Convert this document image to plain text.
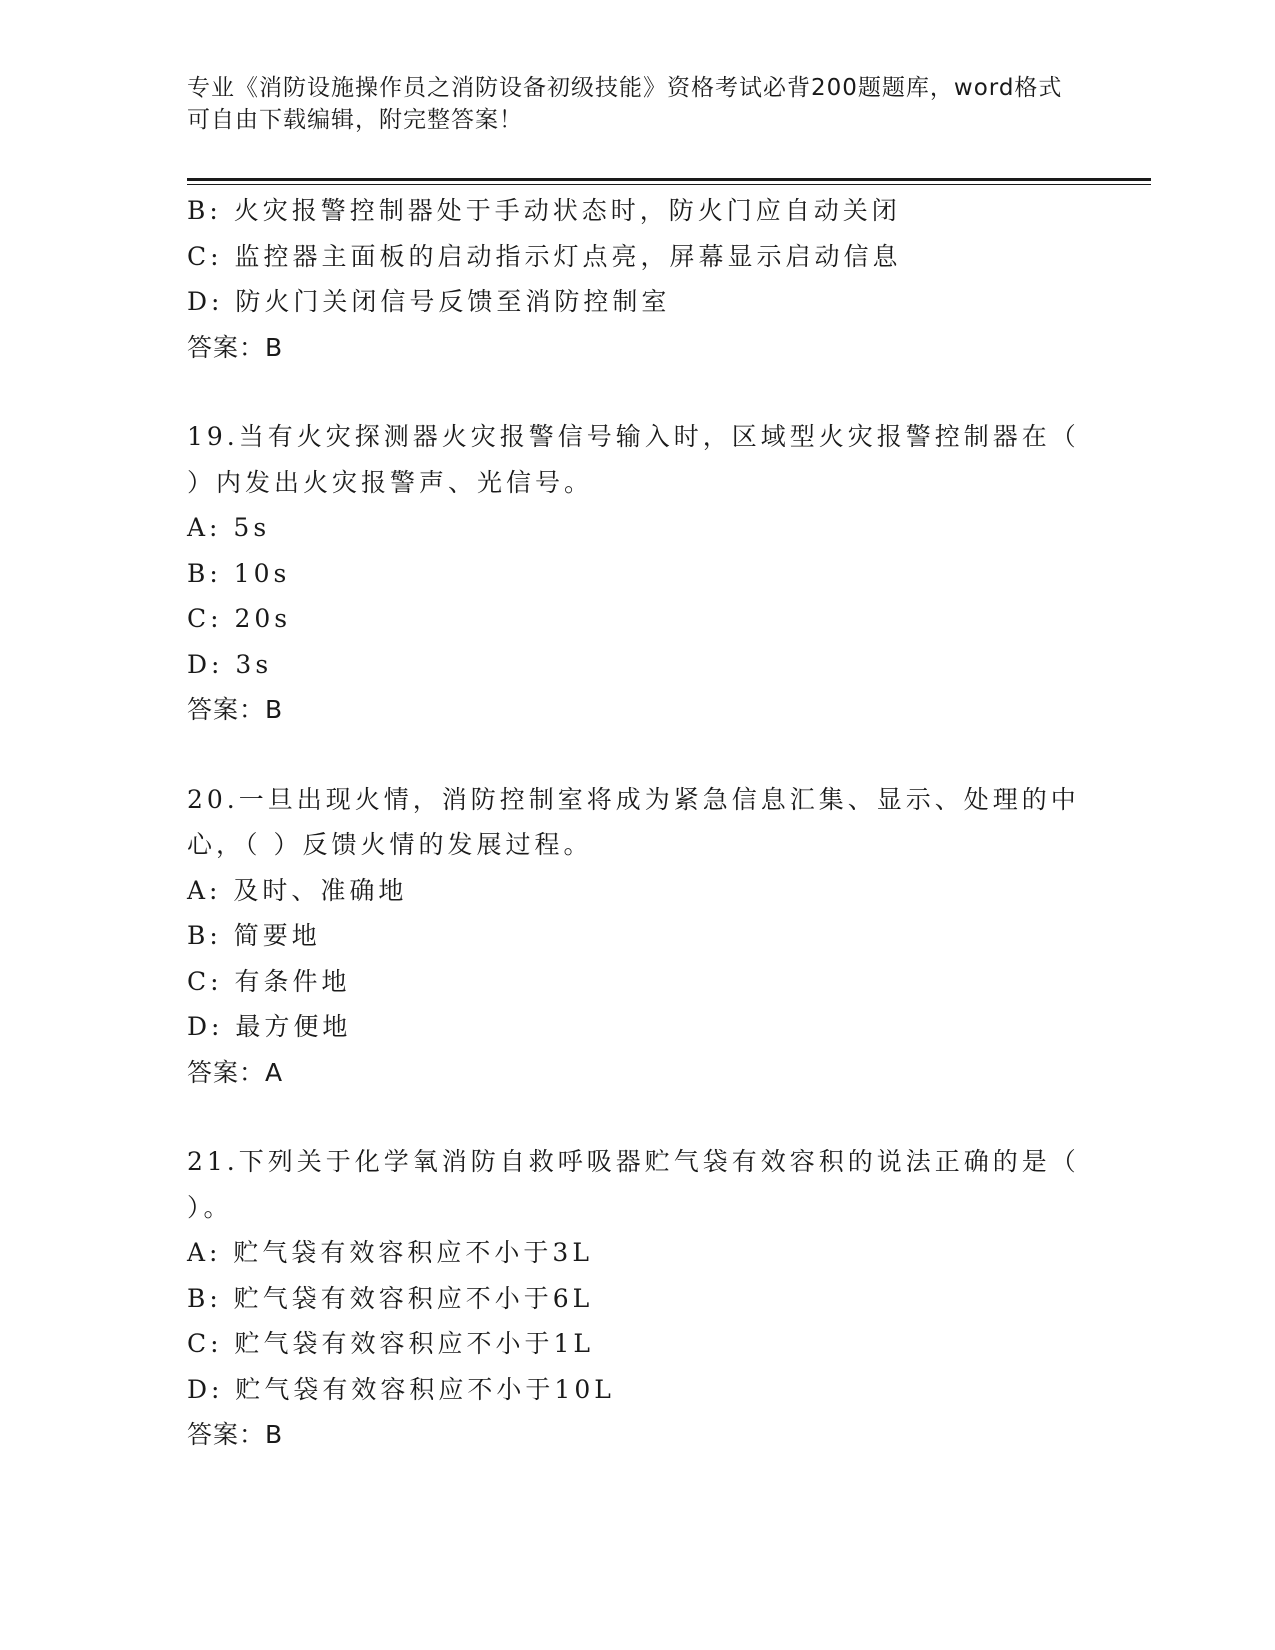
专业《消防设施操作员之消防设备初级技能》资格考试必背200题题库，word格式可自由下载编辑，附完整答案！
B: 火灾报警控制器处于手动状态时，防火门应自动关闭
C: 监控器主面板的启动指示灯点亮，屏幕显示启动信息
D: 防火门关闭信号反馈至消防控制室
答案：B
19.当有火灾探测器火灾报警信号输入时，区域型火灾报警控制器在（ ）内发出火灾报警声、光信号。
A: 5s
B: 10s
C: 20s
D: 3s
答案：B
20.一旦出现火情，消防控制室将成为紧急信息汇集、显示、处理的中心，（ ）反馈火情的发展过程。
A: 及时、准确地
B: 简要地
C: 有条件地
D: 最方便地
答案：A
21.下列关于化学氧消防自救呼吸器贮气袋有效容积的说法正确的是（ ）。
A: 贮气袋有效容积应不小于3L
B: 贮气袋有效容积应不小于6L
C: 贮气袋有效容积应不小于1L
D: 贮气袋有效容积应不小于10L
答案：B
